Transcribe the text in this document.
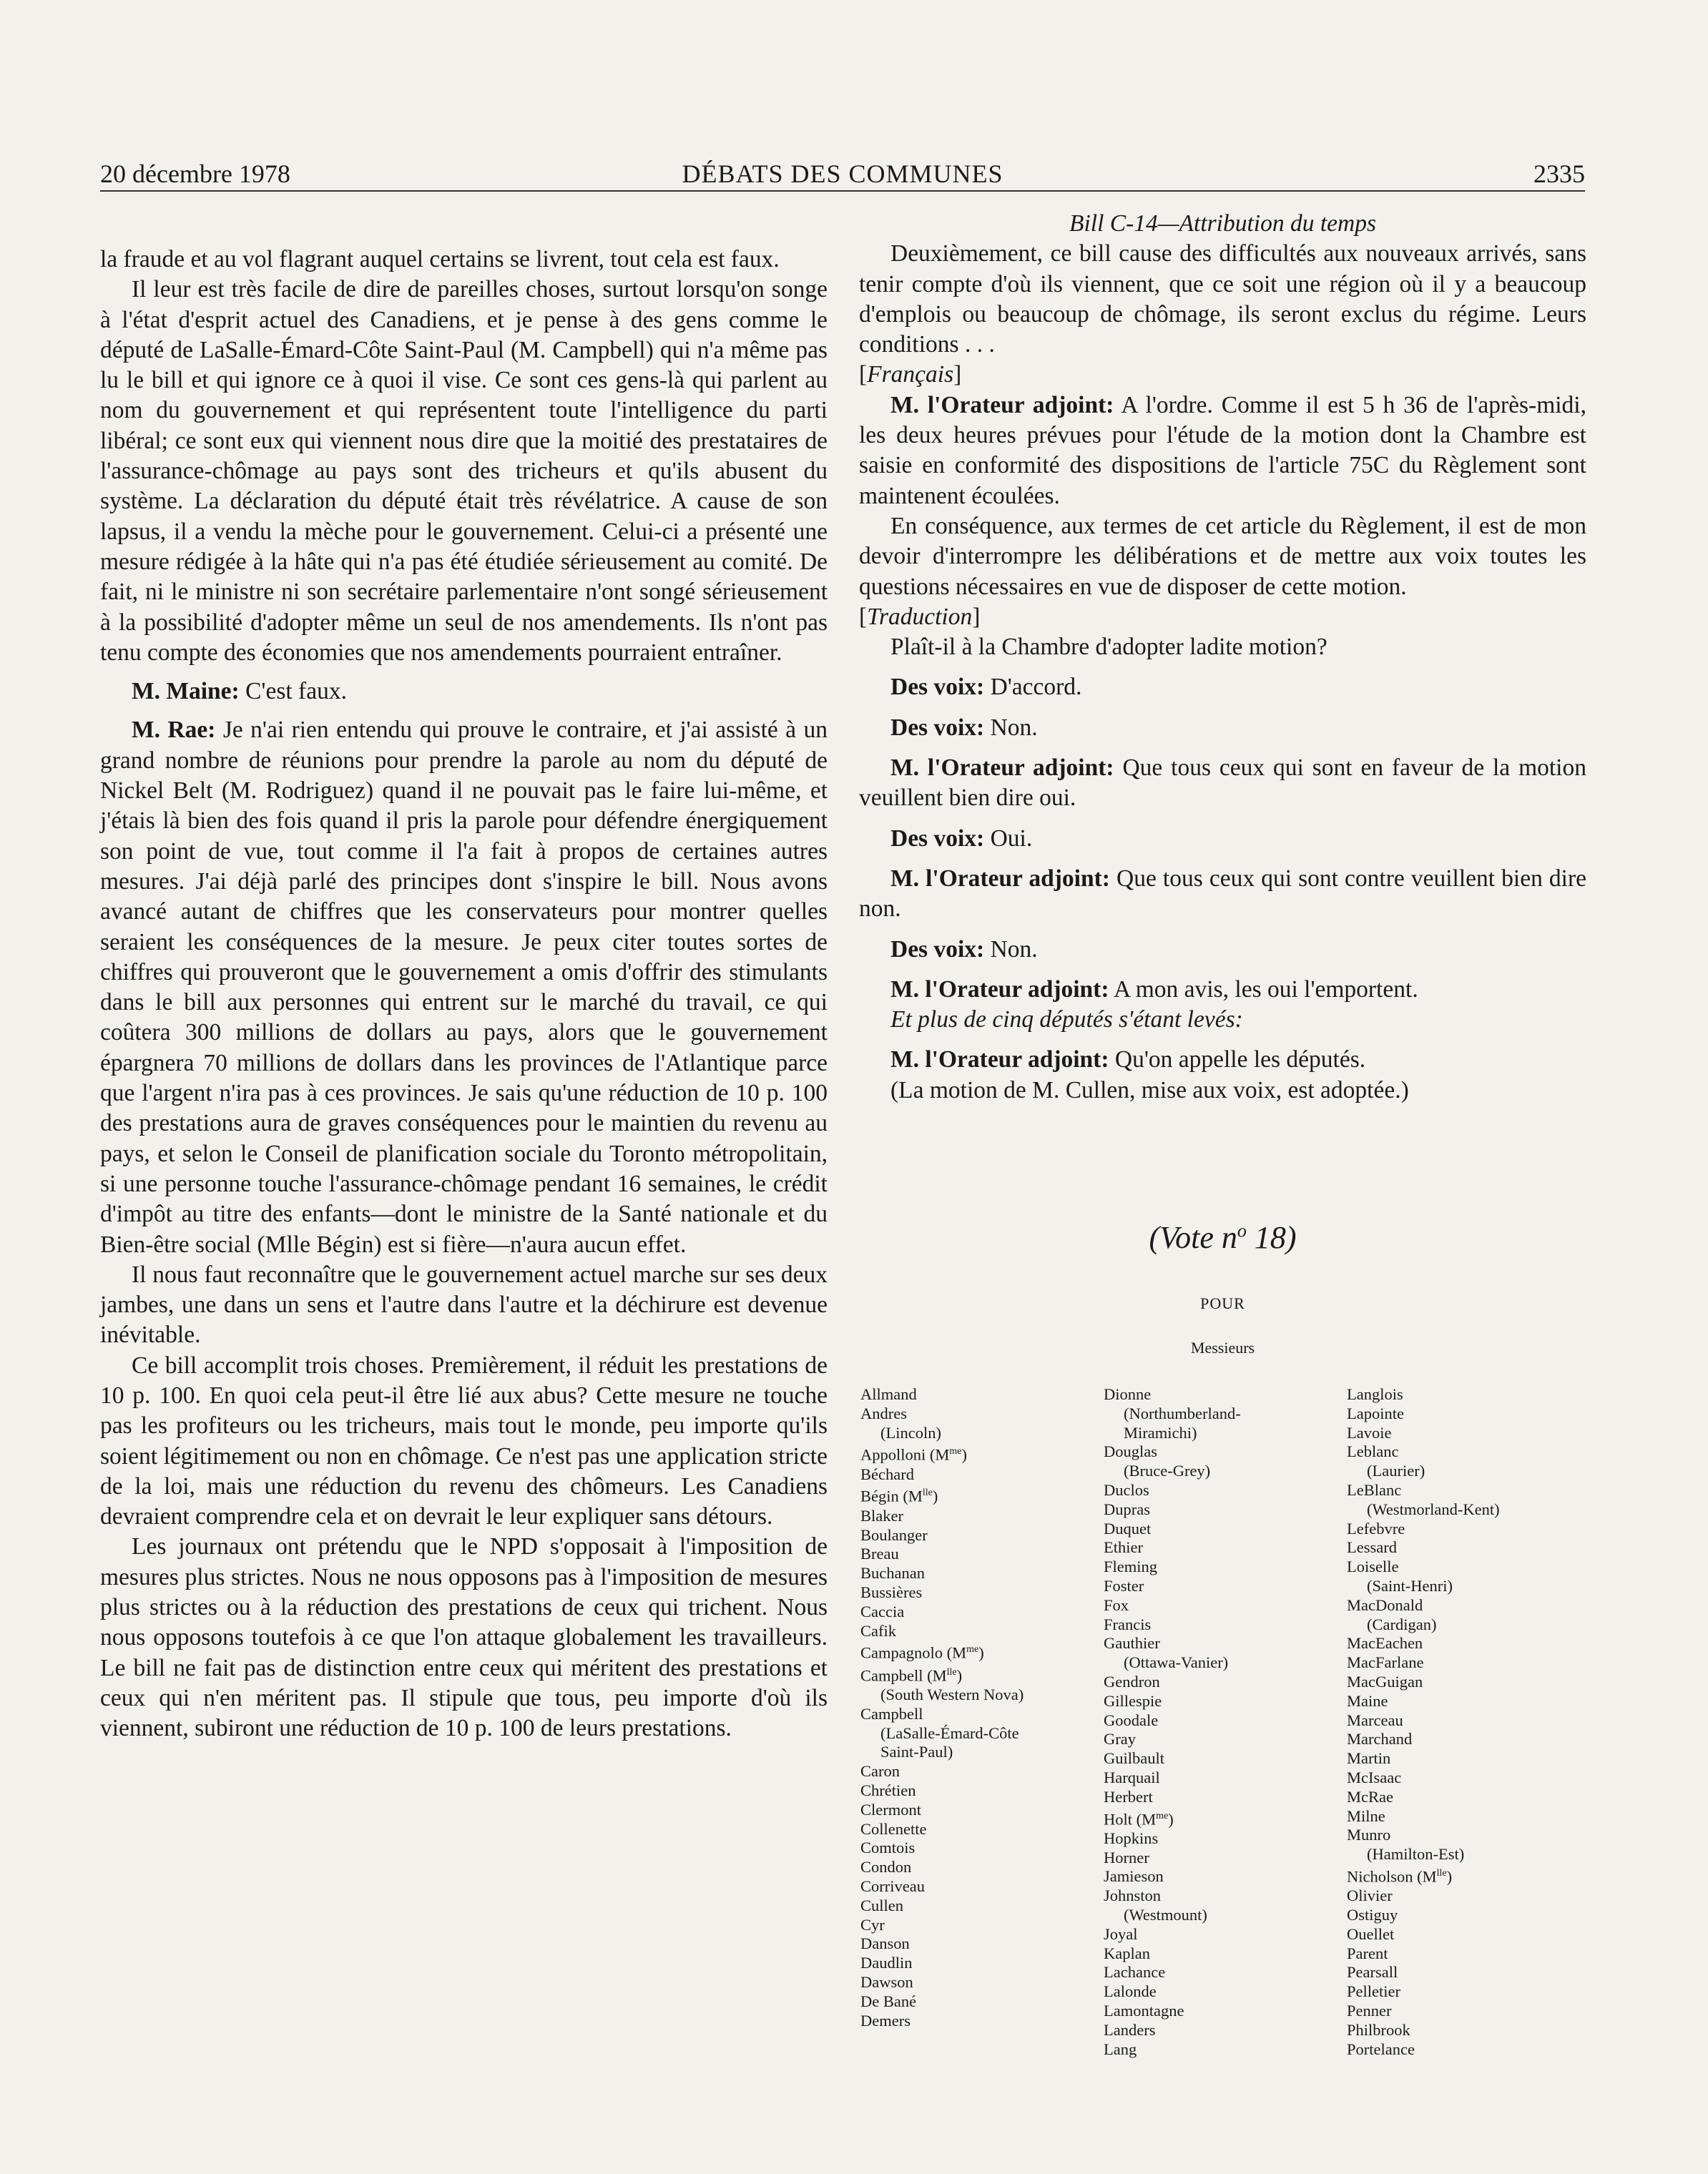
20 décembre 1978	DÉBATS DES COMMUNES	2335

la fraude et au vol flagrant auquel certains se livrent, tout cela est faux.

Il leur est très facile de dire de pareilles choses, surtout lorsqu'on songe à l'état d'esprit actuel des Canadiens, et je pense à des gens comme le député de LaSalle-Émard-Côte Saint-Paul (M. Campbell) qui n'a même pas lu le bill et qui ignore ce à quoi il vise. Ce sont ces gens-là qui parlent au nom du gouvernement et qui représentent toute l'intelligence du parti libéral; ce sont eux qui viennent nous dire que la moitié des prestataires de l'assurance-chômage au pays sont des tricheurs et qu'ils abusent du système. La déclaration du député était très révélatrice. A cause de son lapsus, il a vendu la mèche pour le gouvernement. Celui-ci a présenté une mesure rédigée à la hâte qui n'a pas été étudiée sérieusement au comité. De fait, ni le ministre ni son secrétaire parlementaire n'ont songé sérieusement à la possibilité d'adopter même un seul de nos amendements. Ils n'ont pas tenu compte des économies que nos amendements pourraient entraîner.

M. Maine: C'est faux.

M. Rae: Je n'ai rien entendu qui prouve le contraire, et j'ai assisté à un grand nombre de réunions pour prendre la parole au nom du député de Nickel Belt (M. Rodriguez) quand il ne pouvait pas le faire lui-même, et j'étais là bien des fois quand il pris la parole pour défendre énergiquement son point de vue, tout comme il l'a fait à propos de certaines autres mesures. J'ai déjà parlé des principes dont s'inspire le bill. Nous avons avancé autant de chiffres que les conservateurs pour montrer quelles seraient les conséquences de la mesure. Je peux citer toutes sortes de chiffres qui prouveront que le gouvernement a omis d'offrir des stimulants dans le bill aux personnes qui entrent sur le marché du travail, ce qui coûtera 300 millions de dollars au pays, alors que le gouvernement épargnera 70 millions de dollars dans les provinces de l'Atlantique parce que l'argent n'ira pas à ces provinces. Je sais qu'une réduction de 10 p. 100 des prestations aura de graves conséquences pour le maintien du revenu au pays, et selon le Conseil de planification sociale du Toronto métropolitain, si une personne touche l'assurance-chômage pendant 16 semaines, le crédit d'impôt au titre des enfants—dont le ministre de la Santé nationale et du Bien-être social (Mlle Bégin) est si fière—n'aura aucun effet.

Il nous faut reconnaître que le gouvernement actuel marche sur ses deux jambes, une dans un sens et l'autre dans l'autre et la déchirure est devenue inévitable.

Ce bill accomplit trois choses. Premièrement, il réduit les prestations de 10 p. 100. En quoi cela peut-il être lié aux abus? Cette mesure ne touche pas les profiteurs ou les tricheurs, mais tout le monde, peu importe qu'ils soient légitimement ou non en chômage. Ce n'est pas une application stricte de la loi, mais une réduction du revenu des chômeurs. Les Canadiens devraient comprendre cela et on devrait le leur expliquer sans détours.

Les journaux ont prétendu que le NPD s'opposait à l'imposition de mesures plus strictes. Nous ne nous opposons pas à l'imposition de mesures plus strictes ou à la réduction des prestations de ceux qui trichent. Nous nous opposons toutefois à ce que l'on attaque globalement les travailleurs. Le bill ne fait pas de distinction entre ceux qui méritent des prestations et ceux qui n'en méritent pas. Il stipule que tous, peu importe d'où ils viennent, subiront une réduction de 10 p. 100 de leurs prestations.

Bill C-14—Attribution du temps

Deuxièmement, ce bill cause des difficultés aux nouveaux arrivés, sans tenir compte d'où ils viennent, que ce soit une région où il y a beaucoup d'emplois ou beaucoup de chômage, ils seront exclus du régime. Leurs conditions . . .

[Français]

M. l'Orateur adjoint: A l'ordre. Comme il est 5 h 36 de l'après-midi, les deux heures prévues pour l'étude de la motion dont la Chambre est saisie en conformité des dispositions de l'article 75C du Règlement sont maintenent écoulées.

En conséquence, aux termes de cet article du Règlement, il est de mon devoir d'interrompre les délibérations et de mettre aux voix toutes les questions nécessaires en vue de disposer de cette motion.

[Traduction]

Plaît-il à la Chambre d'adopter ladite motion?

Des voix: D'accord.

Des voix: Non.

M. l'Orateur adjoint: Que tous ceux qui sont en faveur de la motion veuillent bien dire oui.

Des voix: Oui.

M. l'Orateur adjoint: Que tous ceux qui sont contre veuillent bien dire non.

Des voix: Non.

M. l'Orateur adjoint: A mon avis, les oui l'emportent.

Et plus de cinq députés s'étant levés:

M. l'Orateur adjoint: Qu'on appelle les députés.

(La motion de M. Cullen, mise aux voix, est adoptée.)

(Vote $n^o$ 18)
POUR
Messieurs
Allmand
Andres
(Lincoln)
Appolloni $(M^{me})$
Béchard
Bégin $(M^{lle})$
Blaker
Boulanger
Breau
Buchanan
Bussières
Caccia
Cafik
Campagnolo $(M^{me})$
Campbell $(M^{lle})$
(South Western Nova)
Campbell
(LaSalle-Émard-Côte
Saint-Paul)
Caron
Chrétien
Clermont
Collenette
Comtois
Condon
Corriveau
Cullen
Cyr
Danson
Daudlin
Dawson
De Bané
Demers
Dionne
(Northumberland-
Miramichi)
Douglas
(Bruce-Grey)
Duclos
Dupras
Duquet
Ethier
Fleming
Foster
Fox
Francis
Gauthier
(Ottawa-Vanier)
Gendron
Gillespie
Goodale
Gray
Guilbault
Harquail
Herbert
Holt $(M^{me})$
Hopkins
Horner
Jamieson
Johnston
(Westmount)
Joyal
Kaplan
Lachance
Lalonde
Lamontagne
Landers
Lang
Langlois
Lapointe
Lavoie
Leblanc
(Laurier)
LeBlanc
(Westmorland-Kent)
Lefebvre
Lessard
Loiselle
(Saint-Henri)
MacDonald
(Cardigan)
MacEachen
MacFarlane
MacGuigan
Maine
Marceau
Marchand
Martin
McIsaac
McRae
Milne
Munro
(Hamilton-Est)
Nicholson $(M^{lle})$
Olivier
Ostiguy
Ouellet
Parent
Pearsall
Pelletier
Penner
Philbrook
Portelance
